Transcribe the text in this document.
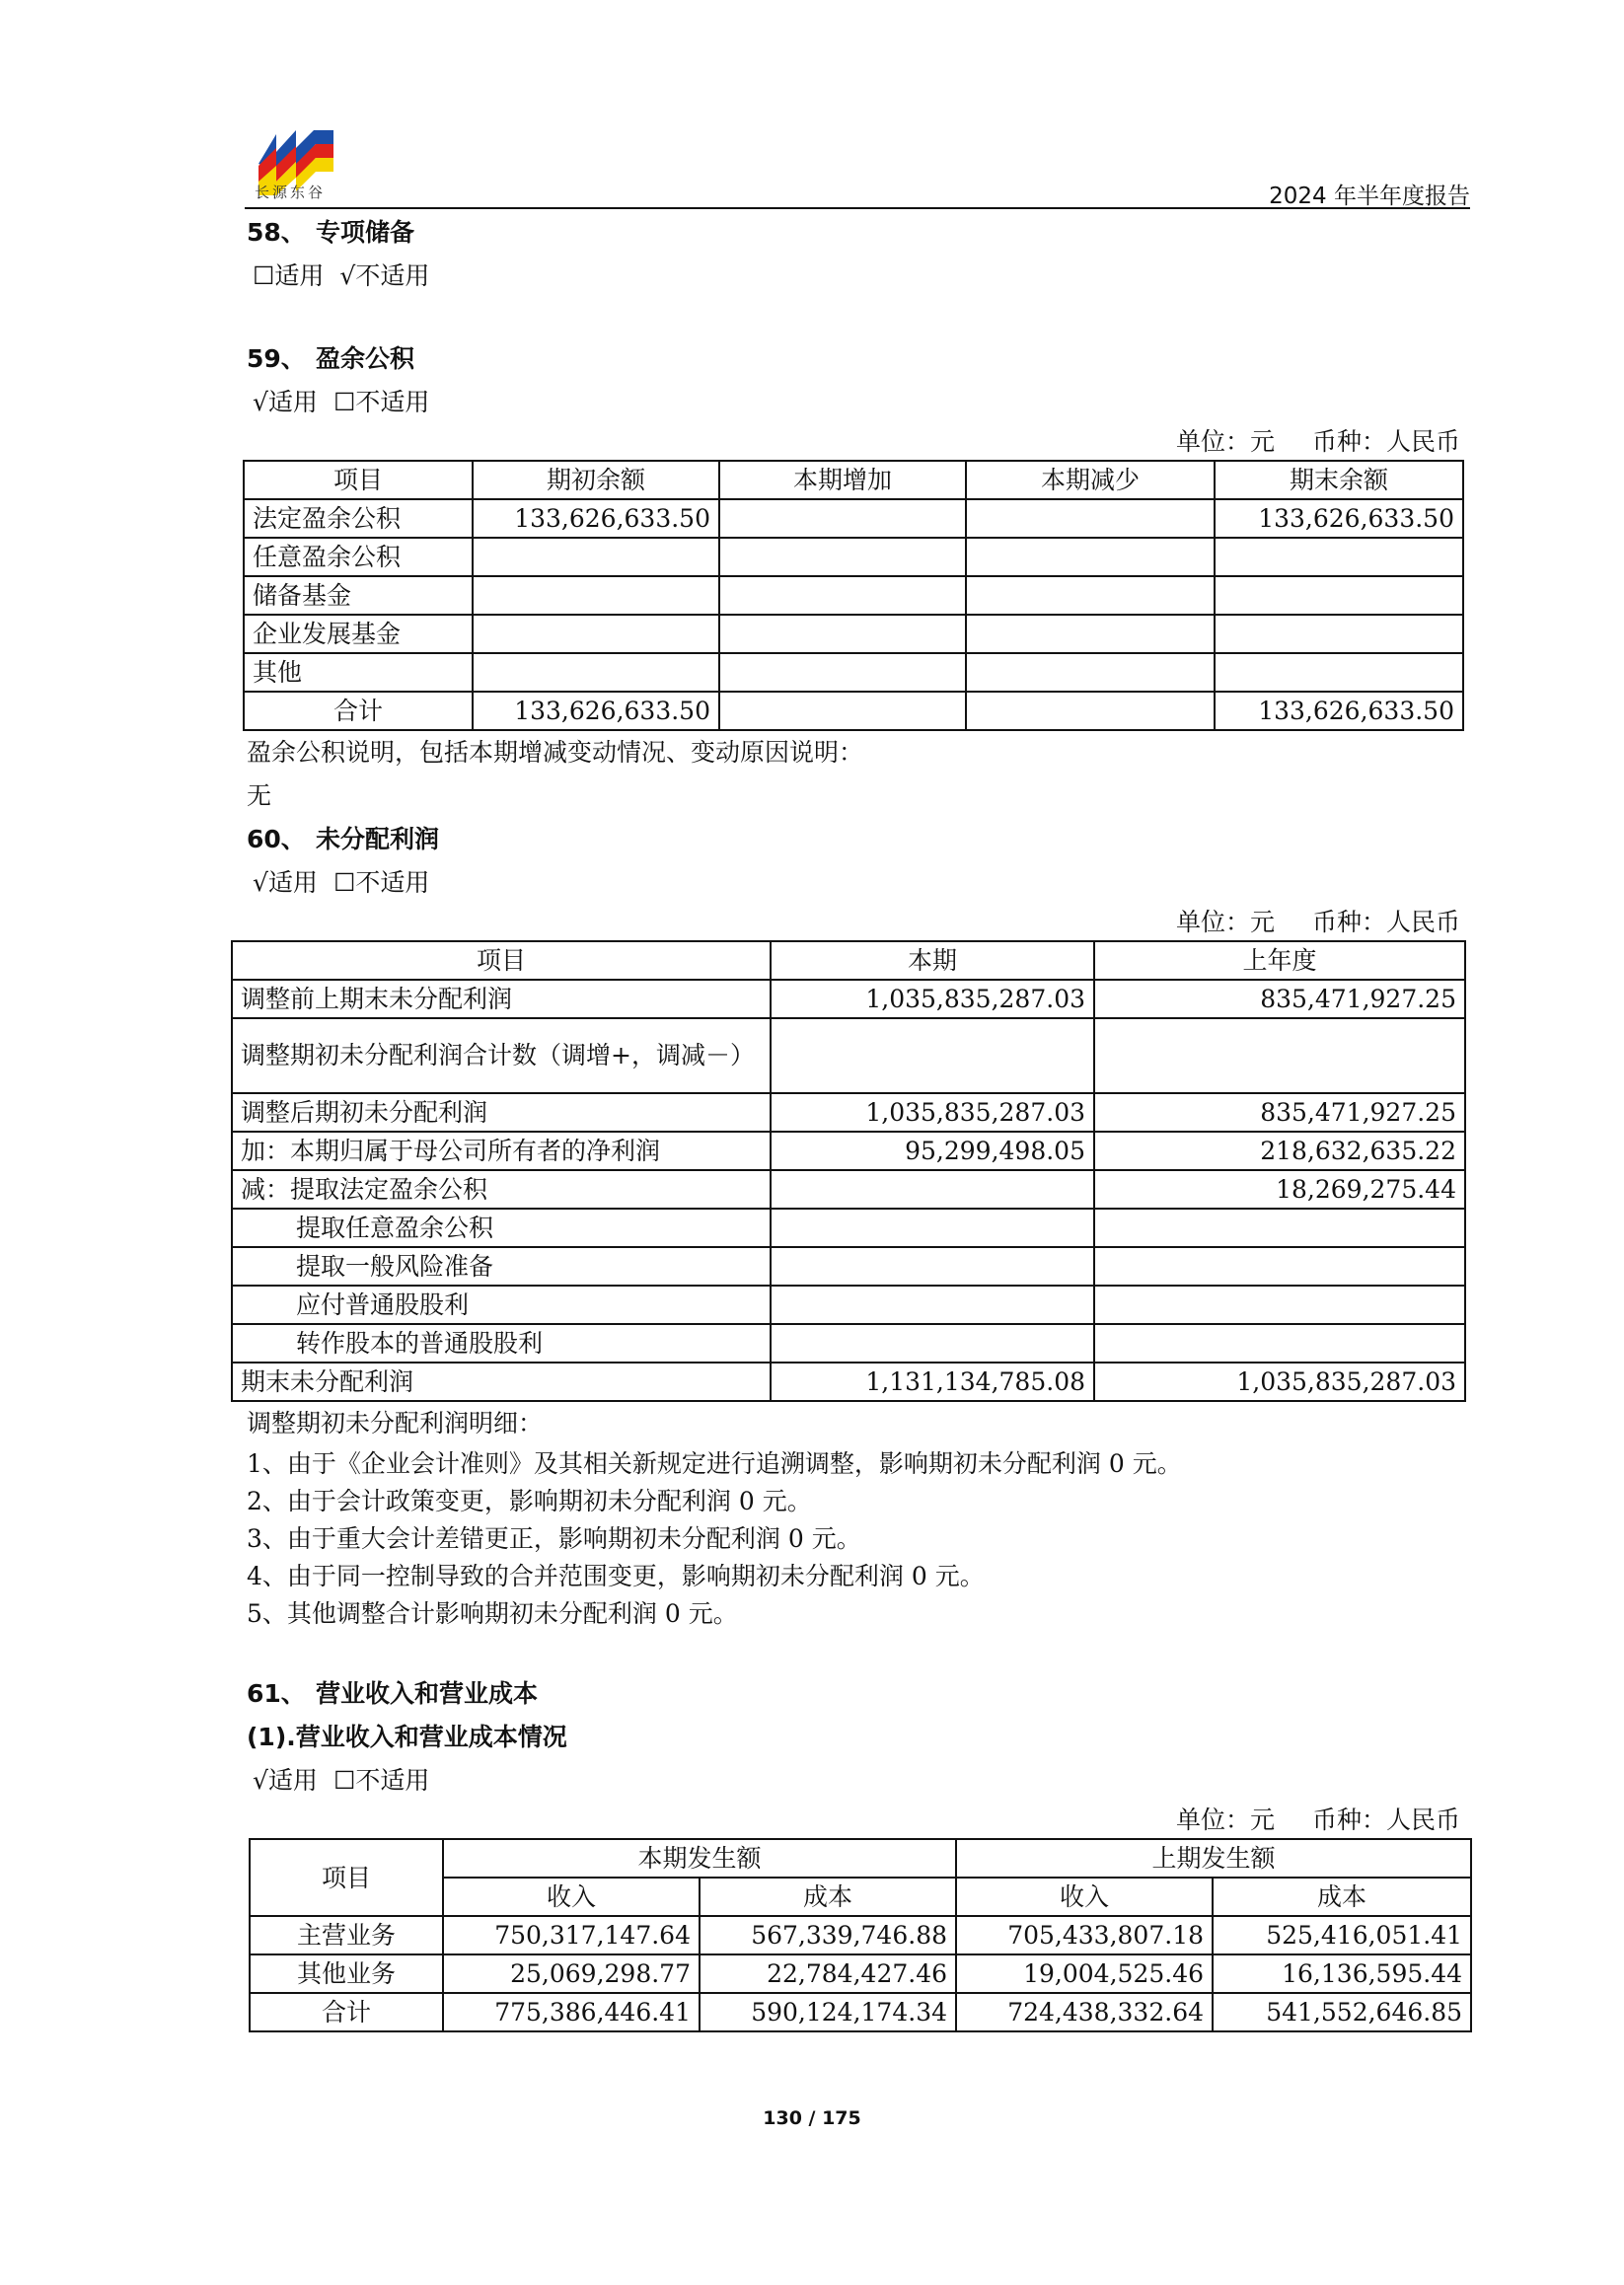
长源东谷	2024 年半年度报告
58、 专项储备
☐适用 √不适用
59、 盈余公积
√适用 ☐不适用
单位：元 币种：人民币
项目	期初余额	本期增加	本期减少	期末余额
法定盈余公积	133,626,633.50			133,626,633.50
任意盈余公积				
储备基金				
企业发展基金				
其他				
合计	133,626,633.50			133,626,633.50
盈余公积说明，包括本期增减变动情况、变动原因说明：
无
60、 未分配利润
√适用 ☐不适用
单位：元 币种：人民币
项目	本期	上年度
调整前上期末未分配利润	1,035,835,287.03	835,471,927.25
调整期初未分配利润合计数（调增+，调减－）		
调整后期初未分配利润	1,035,835,287.03	835,471,927.25
加：本期归属于母公司所有者的净利润	95,299,498.05	218,632,635.22
减：提取法定盈余公积		18,269,275.44
提取任意盈余公积		
提取一般风险准备		
应付普通股股利		
转作股本的普通股股利		
期末未分配利润	1,131,134,785.08	1,035,835,287.03
调整期初未分配利润明细：
1、由于《企业会计准则》及其相关新规定进行追溯调整，影响期初未分配利润 0 元。
2、由于会计政策变更，影响期初未分配利润 0 元。
3、由于重大会计差错更正，影响期初未分配利润 0 元。
4、由于同一控制导致的合并范围变更，影响期初未分配利润 0 元。
5、其他调整合计影响期初未分配利润 0 元。
61、 营业收入和营业成本
(1).营业收入和营业成本情况
√适用 ☐不适用
单位：元 币种：人民币
项目	本期发生额		上期发生额	
	收入	成本	收入	成本
主营业务	750,317,147.64	567,339,746.88	705,433,807.18	525,416,051.41
其他业务	25,069,298.77	22,784,427.46	19,004,525.46	16,136,595.44
合计	775,386,446.41	590,124,174.34	724,438,332.64	541,552,646.85
130 / 175
